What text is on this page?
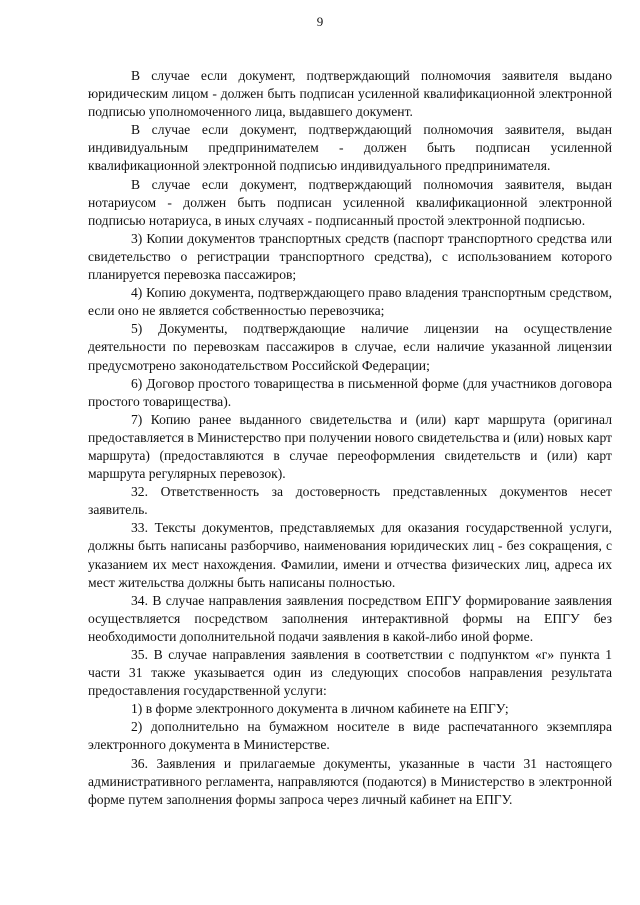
9

В случае если документ, подтверждающий полномочия заявителя выдано юридическим лицом - должен быть подписан усиленной квалификационной электронной подписью уполномоченного лица, выдавшего документ.

В случае если документ, подтверждающий полномочия заявителя, выдан индивидуальным предпринимателем - должен быть подписан усиленной квалификационной электронной подписью индивидуального предпринимателя.

В случае если документ, подтверждающий полномочия заявителя, выдан нотариусом - должен быть подписан усиленной квалификационной электронной подписью нотариуса, в иных случаях - подписанный простой электронной подписью.

3) Копии документов транспортных средств (паспорт транспортного средства или свидетельство о регистрации транспортного средства), с использованием которого планируется перевозка пассажиров;

4) Копию документа, подтверждающего право владения транспортным средством, если оно не является собственностью перевозчика;

5) Документы, подтверждающие наличие лицензии на осуществление деятельности по перевозкам пассажиров в случае, если наличие указанной лицензии предусмотрено законодательством Российской Федерации;

6) Договор простого товарищества в письменной форме (для участников договора простого товарищества).

7) Копию ранее выданного свидетельства и (или) карт маршрута (оригинал предоставляется в Министерство при получении нового свидетельства и (или) новых карт маршрута) (предоставляются в случае переоформления свидетельств и (или) карт маршрута регулярных перевозок).

32. Ответственность за достоверность представленных документов несет заявитель.

33. Тексты документов, представляемых для оказания государственной услуги, должны быть написаны разборчиво, наименования юридических лиц - без сокращения, с указанием их мест нахождения. Фамилии, имени и отчества физических лиц, адреса их мест жительства должны быть написаны полностью.

34. В случае направления заявления посредством ЕПГУ формирование заявления осуществляется посредством заполнения интерактивной формы на ЕПГУ без необходимости дополнительной подачи заявления в какой-либо иной форме.

35. В случае направления заявления в соответствии с подпунктом «г» пункта 1 части 31 также указывается один из следующих способов направления результата предоставления государственной услуги:

1) в форме электронного документа в личном кабинете на ЕПГУ;

2) дополнительно на бумажном носителе в виде распечатанного экземпляра электронного документа в Министерстве.

36. Заявления и прилагаемые документы, указанные в части 31 настоящего административного регламента, направляются (подаются) в Министерство в электронной форме путем заполнения формы запроса через личный кабинет на ЕПГУ.
